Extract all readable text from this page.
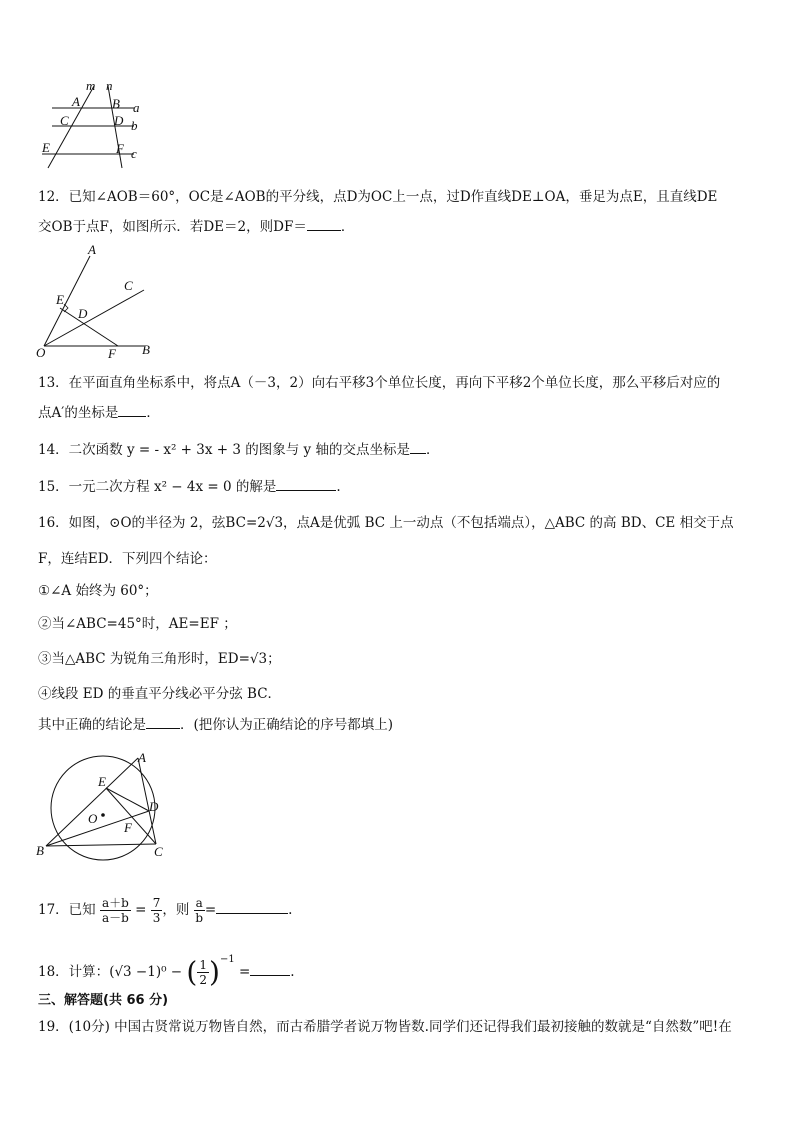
m n
A B a
C	D b
E	F c
12．已知∠AOB＝60°，OC是∠AOB的平分线，点D为OC上一点，过D作直线DE⊥OA，垂足为点E，且直线DE
交OB于点F，如图所示．若DE＝2，则DF＝	．
A
C
E
D
O	F B
13．在平面直角坐标系中，将点A（－3，2）向右平移3个单位长度，再向下平移2个单位长度，那么平移后对应的
点A′的坐标是 ．
14．二次函数 y = - x² + 3x + 3 的图象与 y 轴的交点坐标是 ．
15．一元二次方程 x² − 4x = 0 的解是	.
16．如图，⊙O的半径为 2，弦BC=2√3，点A是优弧 BC 上一动点（不包括端点），△ABC 的高 BD、CE 相交于点
F，连结ED．下列四个结论：
①∠A 始终为 60°；
②当∠ABC=45°时，AE=EF ；
③当△ABC 为锐角三角形时，ED=√3；
④线段 ED 的垂直平分线必平分弦 BC．
其中正确的结论是	．(把你认为正确结论的序号都填上)
A
E
D
O
F
B	C
17．已知 $\frac{a+b}{a-b} = \frac{7}{3}$ ，则 $\frac{a}{b}$ =	.
18．计算：(√3 −1)⁰ − ( $\frac{1}{2} )^{-1}$ =	.
三、解答题(共 66 分)
19．(10分) 中国古贤常说万物皆自然，而古希腊学者说万物皆数.同学们还记得我们最初接触的数就是“自然数”吧!在
